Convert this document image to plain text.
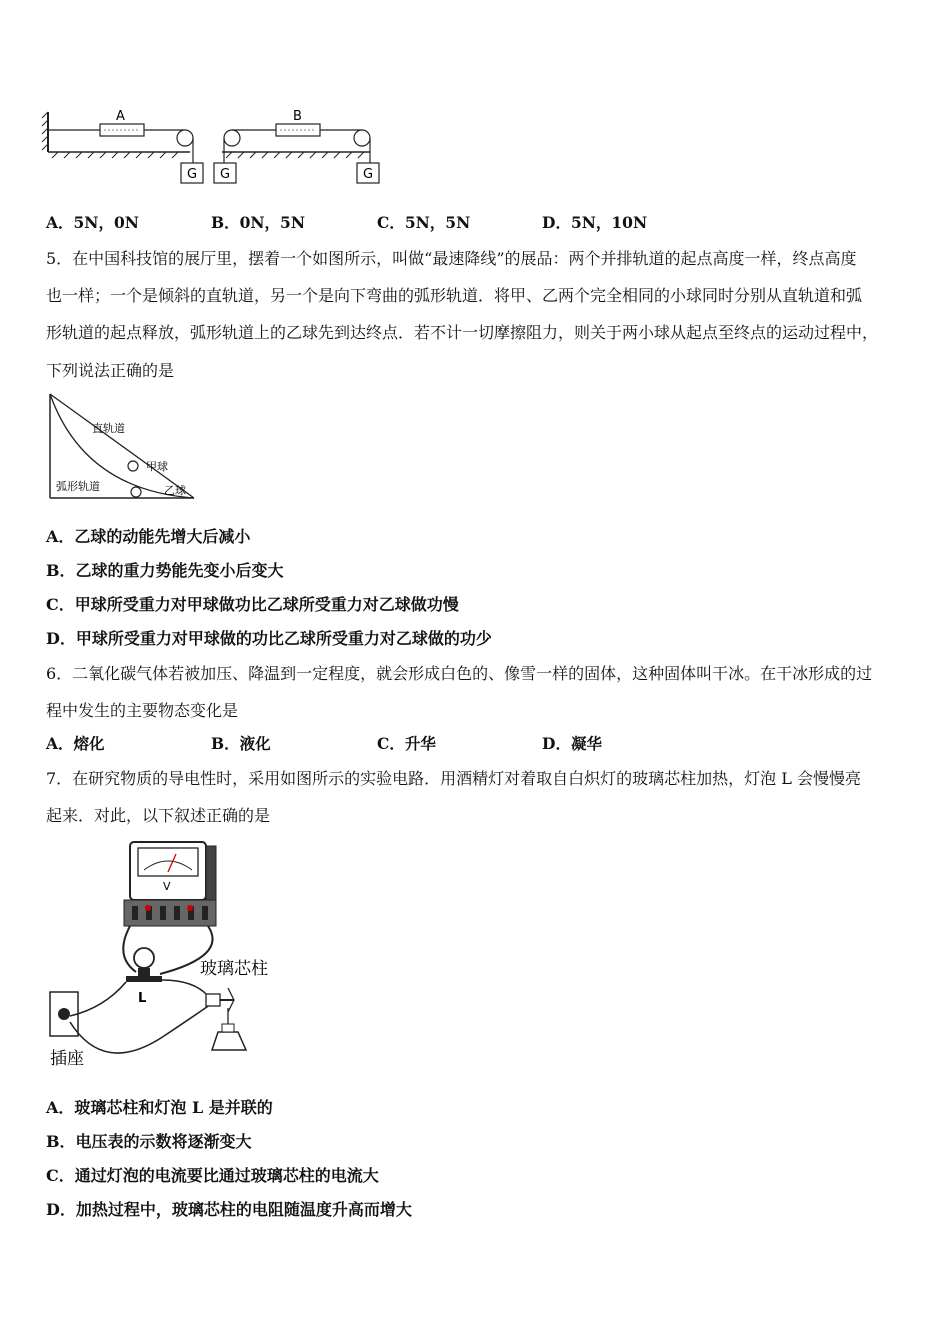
A
G G
B
G
A．5N，0N	B．0N，5N	C．5N，5N	D．5N，10N
5．在中国科技馆的展厅里，摆着一个如图所示，叫做“最速降线”的展品：两个并排轨道的起点高度一样，终点高度
也一样；一个是倾斜的直轨道，另一个是向下弯曲的弧形轨道．将甲、乙两个完全相同的小球同时分别从直轨道和弧
形轨道的起点释放，弧形轨道上的乙球先到达终点．若不计一切摩擦阻力，则关于两小球从起点至终点的运动过程中，
下列说法正确的是
直轨道
甲球
弧形轨道	乙球
A．乙球的动能先增大后减小
B．乙球的重力势能先变小后变大
C．甲球所受重力对甲球做功比乙球所受重力对乙球做功慢
D．甲球所受重力对甲球做的功比乙球所受重力对乙球做的功少
6．二氧化碳气体若被加压、降温到一定程度，就会形成白色的、像雪一样的固体，这种固体叫干冰。在干冰形成的过
程中发生的主要物态变化是
A．熔化	B．液化	C．升华	D．凝华
7．在研究物质的导电性时，采用如图所示的实验电路．用酒精灯对着取自白炽灯的玻璃芯柱加热，灯泡 L 会慢慢亮
起来．对此，以下叙述正确的是
V
L
玻璃芯柱
插座
A．玻璃芯柱和灯泡 L 是并联的
B．电压表的示数将逐渐变大
C．通过灯泡的电流要比通过玻璃芯柱的电流大
D．加热过程中，玻璃芯柱的电阻随温度升高而增大
